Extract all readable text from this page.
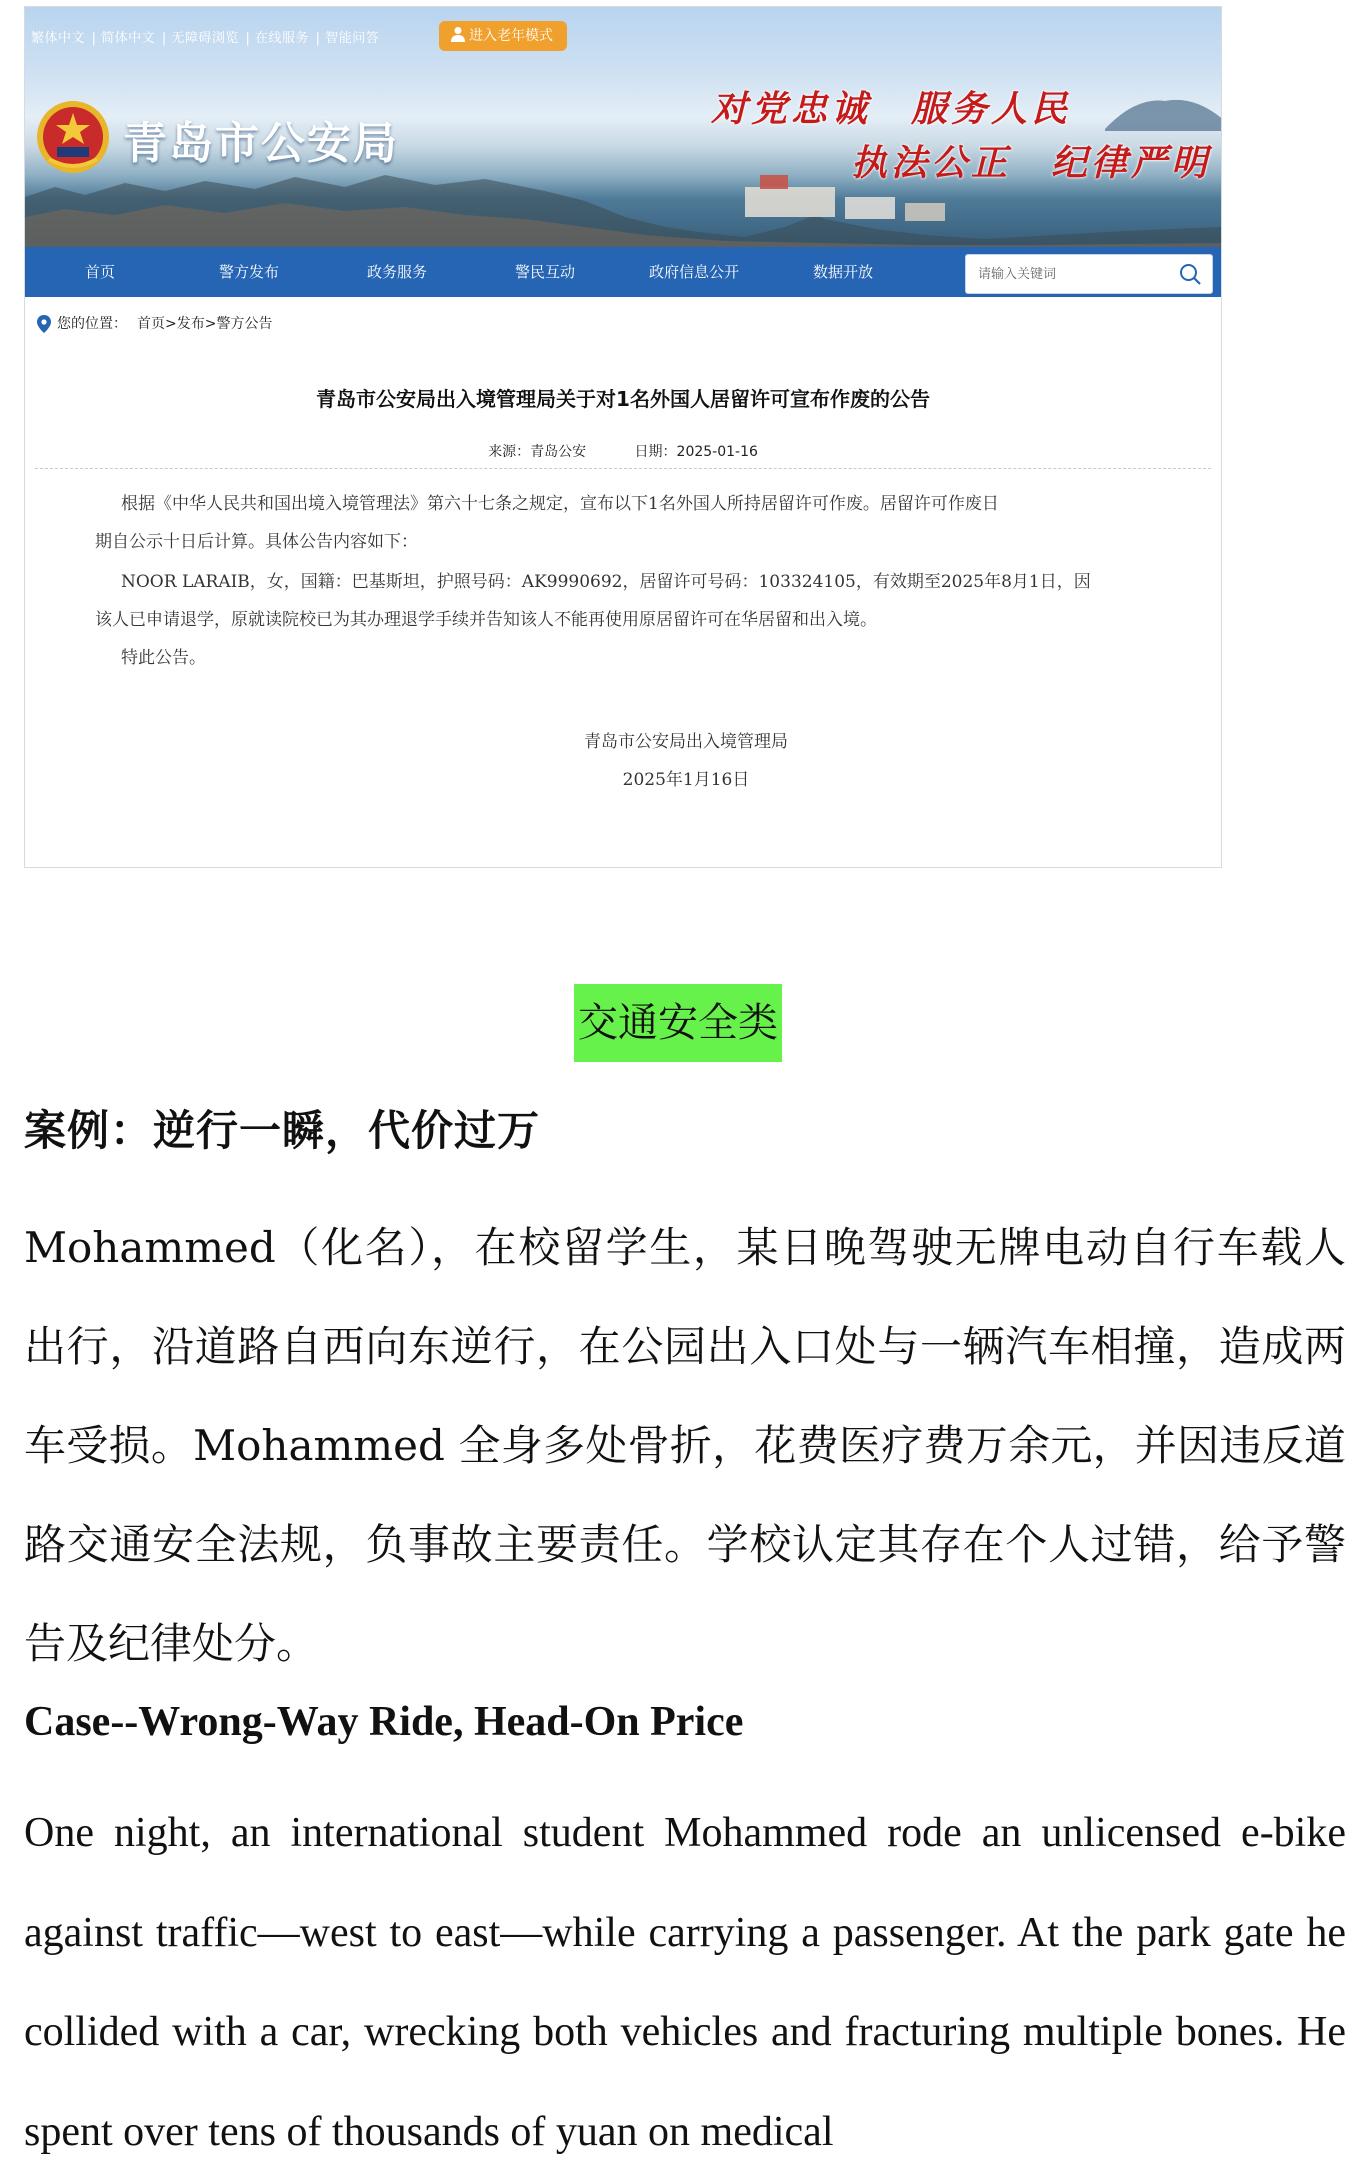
繁体中文 | 简体中文 | 无障碍浏览 | 在线服务 | 智能问答	进入老年模式
青岛市公安局
对党忠诚　服务人民
执法公正　纪律严明
首页	警方发布	政务服务	警民互动	政府信息公开	数据开放
请输入关键词
您的位置： 首页>发布>警方公告
青岛市公安局出入境管理局关于对1名外国人居留许可宣布作废的公告
来源：青岛公安	日期：2025-01-16
根据《中华人民共和国出境入境管理法》第六十七条之规定，宣布以下1名外国人所持居留许可作废。居留许可作废日
期自公示十日后计算。具体公告内容如下：
NOOR LARAIB，女，国籍：巴基斯坦，护照号码：AK9990692，居留许可号码：103324105，有效期至2025年8月1日，因
该人已申请退学，原就读院校已为其办理退学手续并告知该人不能再使用原居留许可在华居留和出入境。
特此公告。
青岛市公安局出入境管理局
2025年1月16日
交通安全类
案例：逆行一瞬，代价过万

Mohammed（化名），在校留学生，某日晚驾驶无牌电动自行车载人出行，沿道路自西向东逆行，在公园出入口处与一辆汽车相撞，造成两车受损。Mohammed 全身多处骨折，花费医疗费万余元，并因违反道路交通安全法规，负事故主要责任。学校认定其存在个人过错，给予警告及纪律处分。

Case--Wrong-Way Ride, Head-On Price

One night, an international student Mohammed rode an unlicensed e-bike against traffic—west to east—while carrying a passenger. At the park gate he collided with a car, wrecking both vehicles and fracturing multiple bones. He spent over tens of thousands of yuan on medical
